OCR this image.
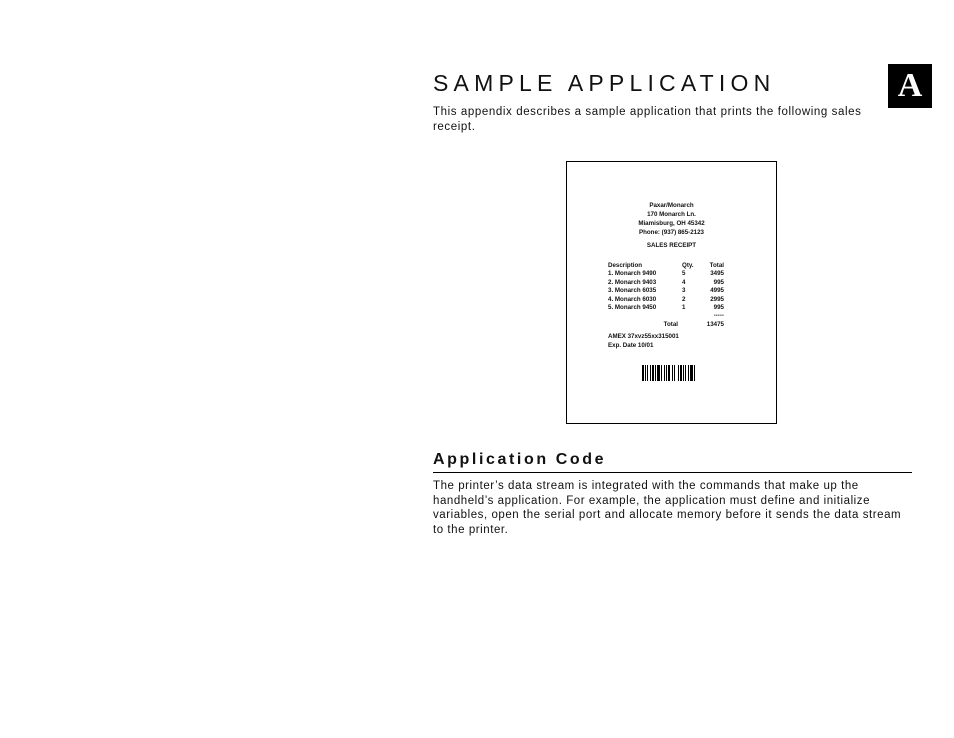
A
SAMPLE APPLICATION

This appendix describes a sample application that prints the following sales receipt.

Paxar/Monarch
170 Monarch Ln.
Miamisburg, OH 45342
Phone: (937) 865-2123
SALES RECEIPT
Description	Qty.	Total
1. Monarch 9490	5	3495
2. Monarch 9403	4	995
3. Monarch 6035	3	4995
4. Monarch 6030	2	2995
5. Monarch 9450	1	995
-----
Total	13475
AMEX 37xvz55xx315001
Exp. Date 10/01
Application Code

The printer’s data stream is integrated with the commands that make up the handheld’s application. For example, the application must define and initialize variables, open the serial port and allocate memory before it sends the data stream to the printer.
